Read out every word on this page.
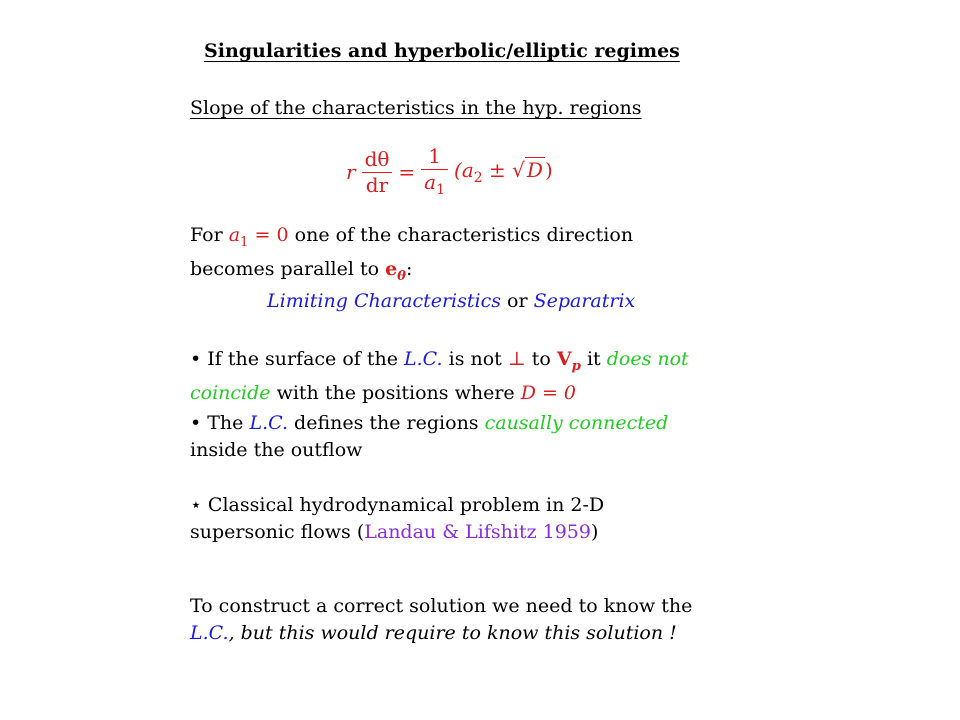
Singularities and hyperbolic/elliptic regimes
Slope of the characteristics in the hyp. regions
r $\frac{d\theta}{dr} = \frac{1}{a_1} (a_2$ ± √ D )
For $a_1 = 0$ one of the characteristics direction becomes parallel to $e_\theta$:
Limiting Characteristics or Separatrix
• If the surface of the L.C. is not ⊥ to $V_p$ it does not coincide with the positions where D = 0
• The L.C. defines the regions causally connected inside the outflow
⋆ Classical hydrodynamical problem in 2-D supersonic flows (Landau & Lifshitz 1959)
To construct a correct solution we need to know the L.C., but this would require to know this solution !
